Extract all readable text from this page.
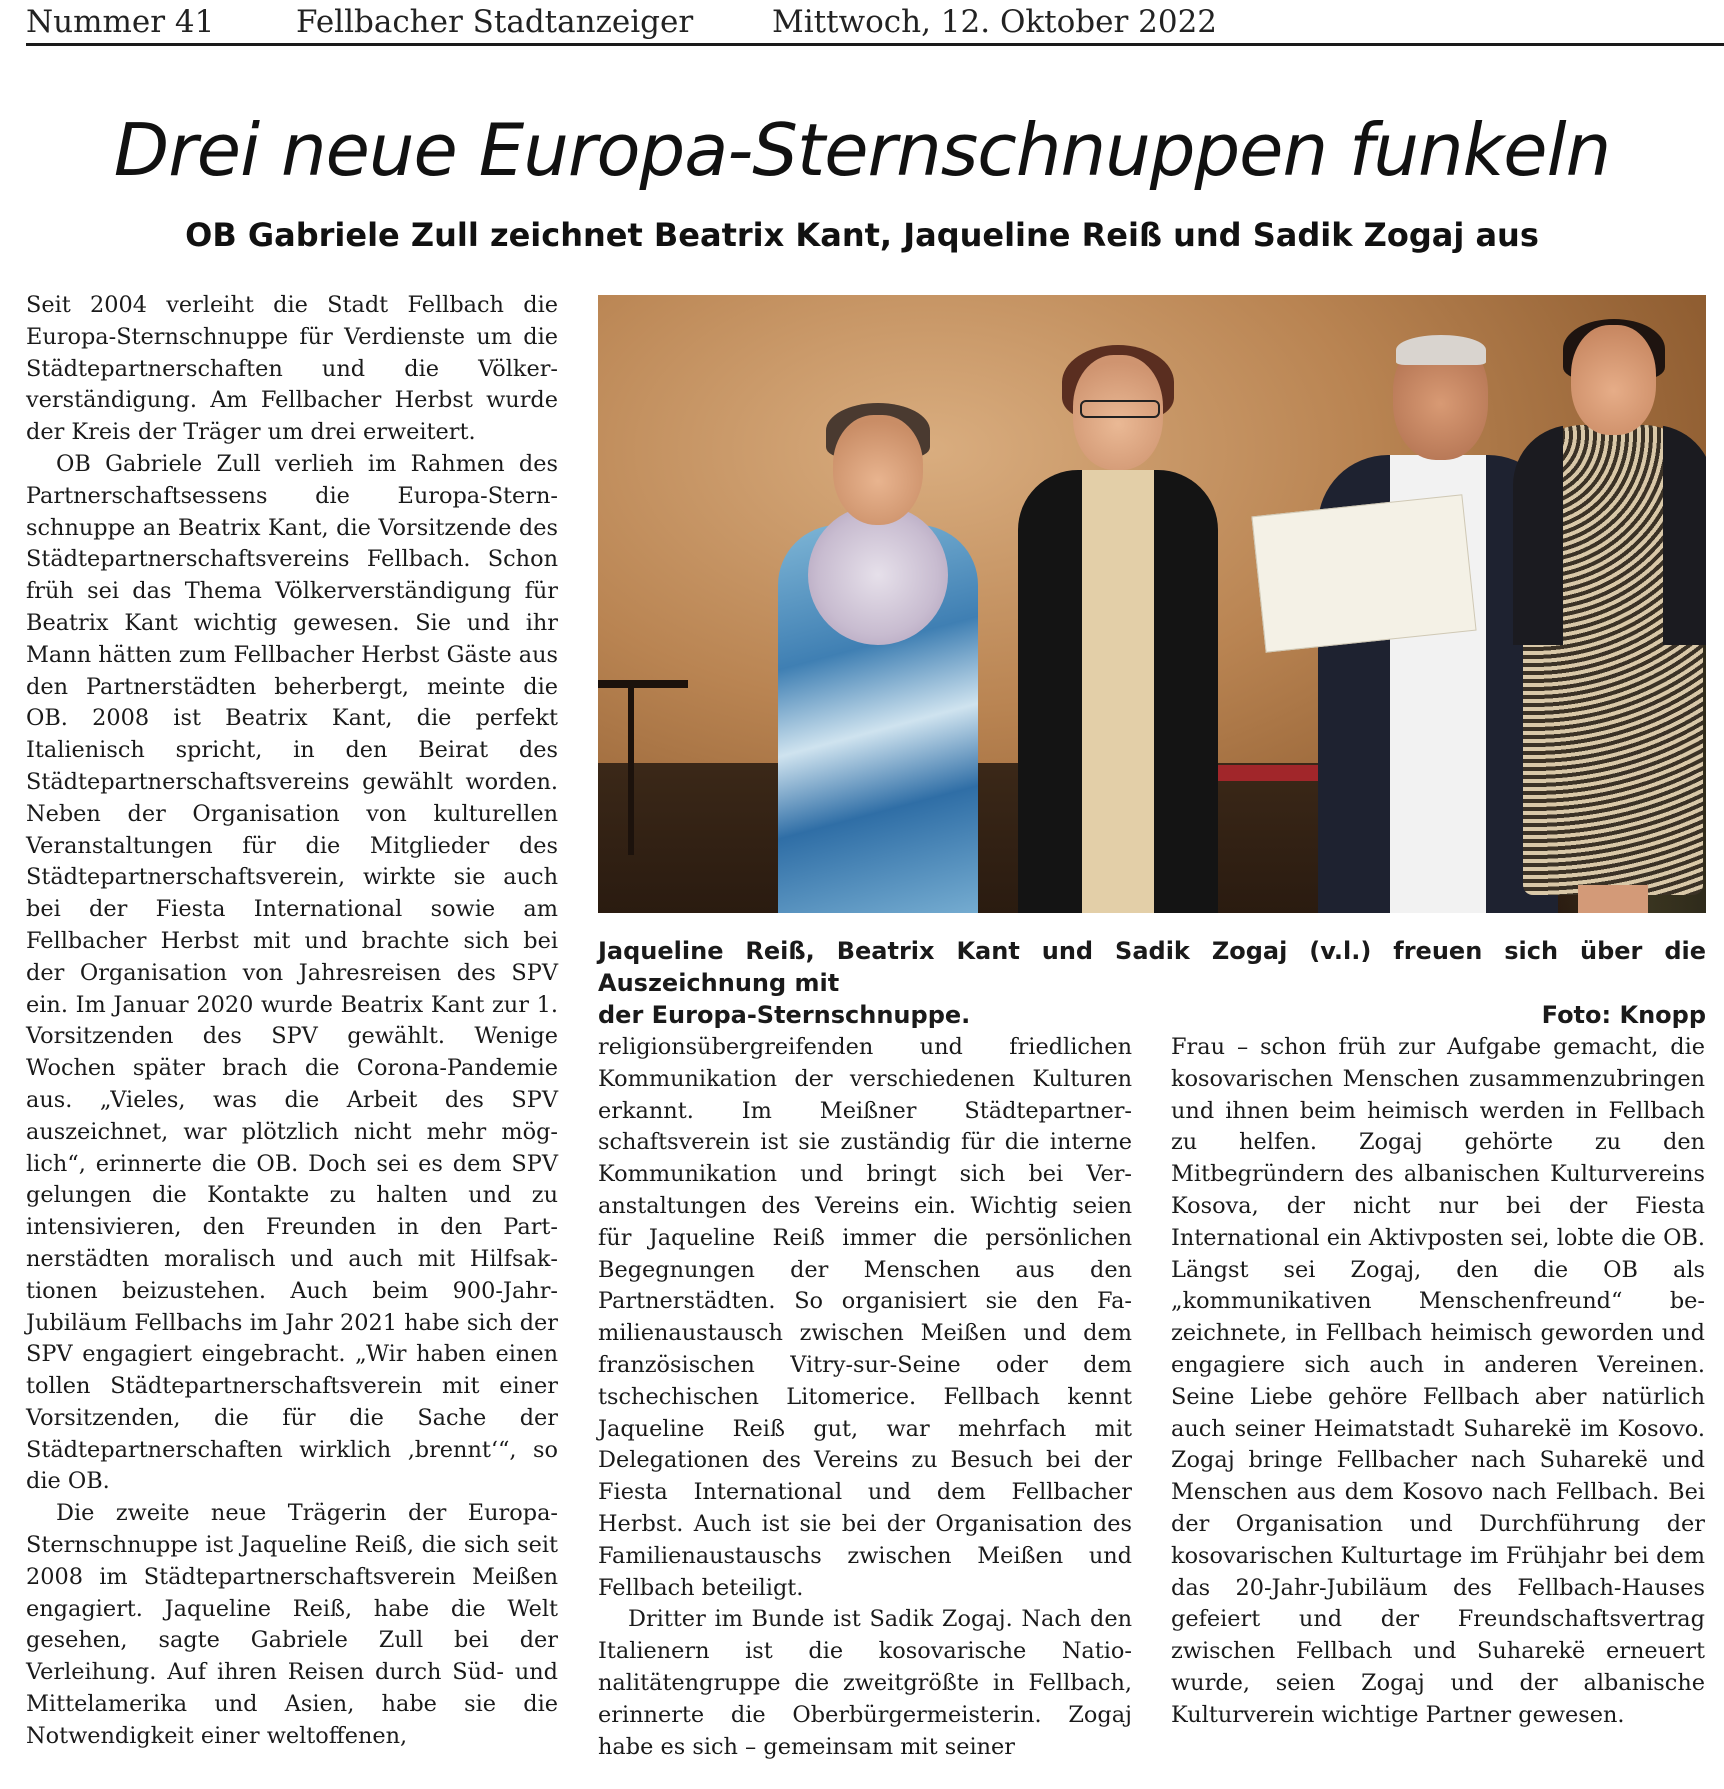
Nummer 41	Fellbacher Stadtanzeiger	Mittwoch, 12. Oktober 2022
Drei neue Europa-Sternschnuppen funkeln
OB Gabriele Zull zeichnet Beatrix Kant, Jaqueline Reiß und Sadik Zogaj aus

Seit 2004 verleiht die Stadt Fellbach die Europa-Sternschnuppe für Verdienste um die Städtepartnerschaften und die Völkerverständigung. Am Fellbacher Herbst wurde der Kreis der Träger um drei erweitert.

OB Gabriele Zull verlieh im Rahmen des Partnerschaftsessens die Europa-Sternschnuppe an Beatrix Kant, die Vorsitzende des Städtepartnerschaftsvereins Fellbach. Schon früh sei das Thema Völkerverständigung für Beatrix Kant wichtig gewesen. Sie und ihr Mann hätten zum Fellbacher Herbst Gäste aus den Partnerstädten beherbergt, meinte die OB. 2008 ist Beatrix Kant, die perfekt Italienisch spricht, in den Beirat des Städtepartnerschaftsvereins gewählt worden. Neben der Organisation von kulturellen Veranstaltungen für die Mitglieder des Städtepartnerschaftsverein, wirkte sie auch bei der Fiesta International sowie am Fellbacher Herbst mit und brachte sich bei der Organisation von Jahresreisen des SPV ein. Im Januar 2020 wurde Beatrix Kant zur 1. Vorsitzenden des SPV gewählt. Wenige Wochen später brach die Corona-Pandemie aus. „Vieles, was die Arbeit des SPV auszeichnet, war plötzlich nicht mehr möglich“, erinnerte die OB. Doch sei es dem SPV gelungen die Kontakte zu halten und zu intensivieren, den Freunden in den Partnerstädten moralisch und auch mit Hilfsaktionen beizustehen. Auch beim 900-Jahr-Jubiläum Fellbachs im Jahr 2021 habe sich der SPV engagiert eingebracht. „Wir haben einen tollen Städtepartnerschaftsverein mit einer Vorsitzenden, die für die Sache der Städtepartnerschaften wirklich ‚brennt‘“, so die OB.

Die zweite neue Trägerin der Europa-Sternschnuppe ist Jaqueline Reiß, die sich seit 2008 im Städtepartnerschaftsverein Meißen engagiert. Jaqueline Reiß, habe die Welt gesehen, sagte Gabriele Zull bei der Verleihung. Auf ihren Reisen durch Süd- und Mittelamerika und Asien, habe sie die Notwendigkeit einer weltoffenen,

Jaqueline Reiß, Beatrix Kant und Sadik Zogaj (v.l.) freuen sich über die Auszeichnung mit
der Europa-Sternschnuppe.	Foto: Knopp

religionsübergreifenden und friedlichen Kommunikation der verschiedenen Kulturen erkannt. Im Meißner Städtepartnerschaftsverein ist sie zuständig für die interne Kommunikation und bringt sich bei Veranstaltungen des Vereins ein. Wichtig seien für Jaqueline Reiß immer die persönlichen Begegnungen der Menschen aus den Partnerstädten. So organisiert sie den Familienaustausch zwischen Meißen und dem französischen Vitry-sur-Seine oder dem tschechischen Litomerice. Fellbach kennt Jaqueline Reiß gut, war mehrfach mit Delegationen des Vereins zu Besuch bei der Fiesta International und dem Fellbacher Herbst. Auch ist sie bei der Organisation des Familienaustauschs zwischen Meißen und Fellbach beteiligt.

Dritter im Bunde ist Sadik Zogaj. Nach den Italienern ist die kosovarische Nationalitätengruppe die zweitgrößte in Fellbach, erinnerte die Oberbürgermeisterin. Zogaj habe es sich – gemeinsam mit seiner

Frau – schon früh zur Aufgabe gemacht, die kosovarischen Menschen zusammenzubringen und ihnen beim heimisch werden in Fellbach zu helfen. Zogaj gehörte zu den Mitbegründern des albanischen Kulturvereins Kosova, der nicht nur bei der Fiesta International ein Aktivposten sei, lobte die OB. Längst sei Zogaj, den die OB als „kommunikativen Menschenfreund“ bezeichnete, in Fellbach heimisch geworden und engagiere sich auch in anderen Vereinen. Seine Liebe gehöre Fellbach aber natürlich auch seiner Heimatstadt Suharekë im Kosovo. Zogaj bringe Fellbacher nach Suharekë und Menschen aus dem Kosovo nach Fellbach. Bei der Organisation und Durchführung der kosovarischen Kulturtage im Frühjahr bei dem das 20-Jahr-Jubiläum des Fellbach-Hauses gefeiert und der Freundschaftsvertrag zwischen Fellbach und Suharekë erneuert wurde, seien Zogaj und der albanische Kulturverein wichtige Partner gewesen.
